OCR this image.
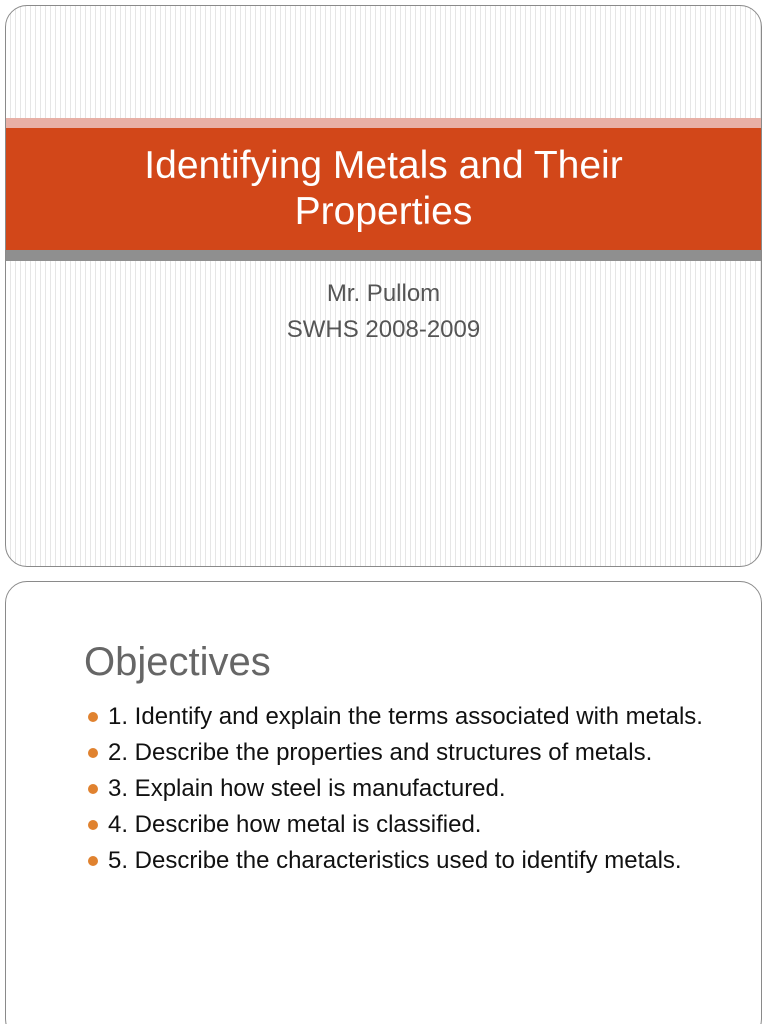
Identifying Metals and Their Properties
Mr. Pullom
SWHS 2008-2009
Objectives
1. Identify and explain the terms associated with metals.
2. Describe the properties and structures of metals.
3. Explain how steel is manufactured.
4. Describe how metal is classified.
5. Describe the characteristics used to identify metals.
